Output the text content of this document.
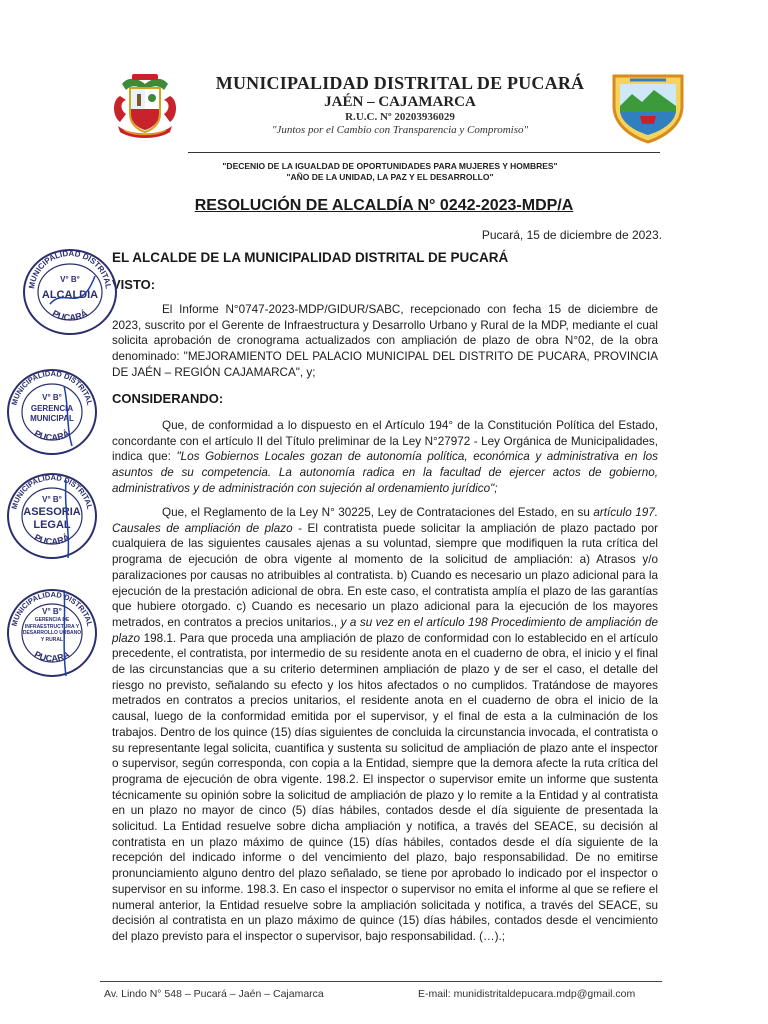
MUNICIPALIDAD DISTRITAL DE PUCARÁ
JAÉN – CAJAMARCA
R.U.C. Nº 20203936029
"Juntos por el Cambio con Transparencia y Compromiso"
"DECENIO DE LA IGUALDAD DE OPORTUNIDADES PARA MUJERES Y HOMBRES"
"AÑO DE LA UNIDAD, LA PAZ Y EL DESARROLLO"
RESOLUCIÓN DE ALCALDÍA N° 0242-2023-MDP/A
Pucará, 15 de diciembre de 2023.
EL ALCALDE DE LA MUNICIPALIDAD DISTRITAL DE PUCARÁ
VISTO:

El Informe N°0747-2023-MDP/GIDUR/SABC, recepcionado con fecha 15 de diciembre de 2023, suscrito por el Gerente de Infraestructura y Desarrollo Urbano y Rural de la MDP, mediante el cual solicita aprobación de cronograma actualizados con ampliación de plazo de obra N°02, de la obra denominado: "MEJORAMIENTO DEL PALACIO MUNICIPAL DEL DISTRITO DE PUCARA, PROVINCIA DE JAÉN – REGIÓN CAJAMARCA", y;

CONSIDERANDO:

Que, de conformidad a lo dispuesto en el Artículo 194° de la Constitución Política del Estado, concordante con el artículo II del Título preliminar de la Ley N°27972 - Ley Orgánica de Municipalidades, indica que: "Los Gobiernos Locales gozan de autonomía política, económica y administrativa en los asuntos de su competencia. La autonomía radica en la facultad de ejercer actos de gobierno, administrativos y de administración con sujeción al ordenamiento jurídico";

Que, el Reglamento de la Ley N° 30225, Ley de Contrataciones del Estado, en su artículo 197. Causales de ampliación de plazo - El contratista puede solicitar la ampliación de plazo pactado por cualquiera de las siguientes causales ajenas a su voluntad, siempre que modifiquen la ruta crítica del programa de ejecución de obra vigente al momento de la solicitud de ampliación: a) Atrasos y/o paralizaciones por causas no atribuibles al contratista. b) Cuando es necesario un plazo adicional para la ejecución de la prestación adicional de obra. En este caso, el contratista amplía el plazo de las garantías que hubiere otorgado. c) Cuando es necesario un plazo adicional para la ejecución de los mayores metrados, en contratos a precios unitarios., y a su vez en el artículo 198 Procedimiento de ampliación de plazo 198.1. Para que proceda una ampliación de plazo de conformidad con lo establecido en el artículo precedente, el contratista, por intermedio de su residente anota en el cuaderno de obra, el inicio y el final de las circunstancias que a su criterio determinen ampliación de plazo y de ser el caso, el detalle del riesgo no previsto, señalando su efecto y los hitos afectados o no cumplidos. Tratándose de mayores metrados en contratos a precios unitarios, el residente anota en el cuaderno de obra el inicio de la causal, luego de la conformidad emitida por el supervisor, y el final de esta a la culminación de los trabajos. Dentro de los quince (15) días siguientes de concluida la circunstancia invocada, el contratista o su representante legal solicita, cuantifica y sustenta su solicitud de ampliación de plazo ante el inspector o supervisor, según corresponda, con copia a la Entidad, siempre que la demora afecte la ruta crítica del programa de ejecución de obra vigente. 198.2. El inspector o supervisor emite un informe que sustenta técnicamente su opinión sobre la solicitud de ampliación de plazo y lo remite a la Entidad y al contratista en un plazo no mayor de cinco (5) días hábiles, contados desde el día siguiente de presentada la solicitud. La Entidad resuelve sobre dicha ampliación y notifica, a través del SEACE, su decisión al contratista en un plazo máximo de quince (15) días hábiles, contados desde el día siguiente de la recepción del indicado informe o del vencimiento del plazo, bajo responsabilidad. De no emitirse pronunciamiento alguno dentro del plazo señalado, se tiene por aprobado lo indicado por el inspector o supervisor en su informe. 198.3. En caso el inspector o supervisor no emita el informe al que se refiere el numeral anterior, la Entidad resuelve sobre la ampliación solicitada y notifica, a través del SEACE, su decisión al contratista en un plazo máximo de quince (15) días hábiles, contados desde el vencimiento del plazo previsto para el inspector o supervisor, bajo responsabilidad. (…).;

MUNICIPALIDAD DISTRITAL
PUCARÁ
V° B°
ALCALDIA
MUNICIPALIDAD DISTRITAL
PUCARÁ
V° B°
GERENCIA MUNICIPAL
MUNICIPALIDAD DISTRITAL
PUCARÁ
V° B°
ASESORIA LEGAL
MUNICIPALIDAD DISTRITAL
PUCARÁ
V° B°
GERENCIA DE INFRAESTRUCTURA Y DESARROLLO URBANO Y RURAL
Av. Lindo N° 548 – Pucará – Jaén – Cajamarca	E-mail: munidistritaldepucara.mdp@gmail.com
